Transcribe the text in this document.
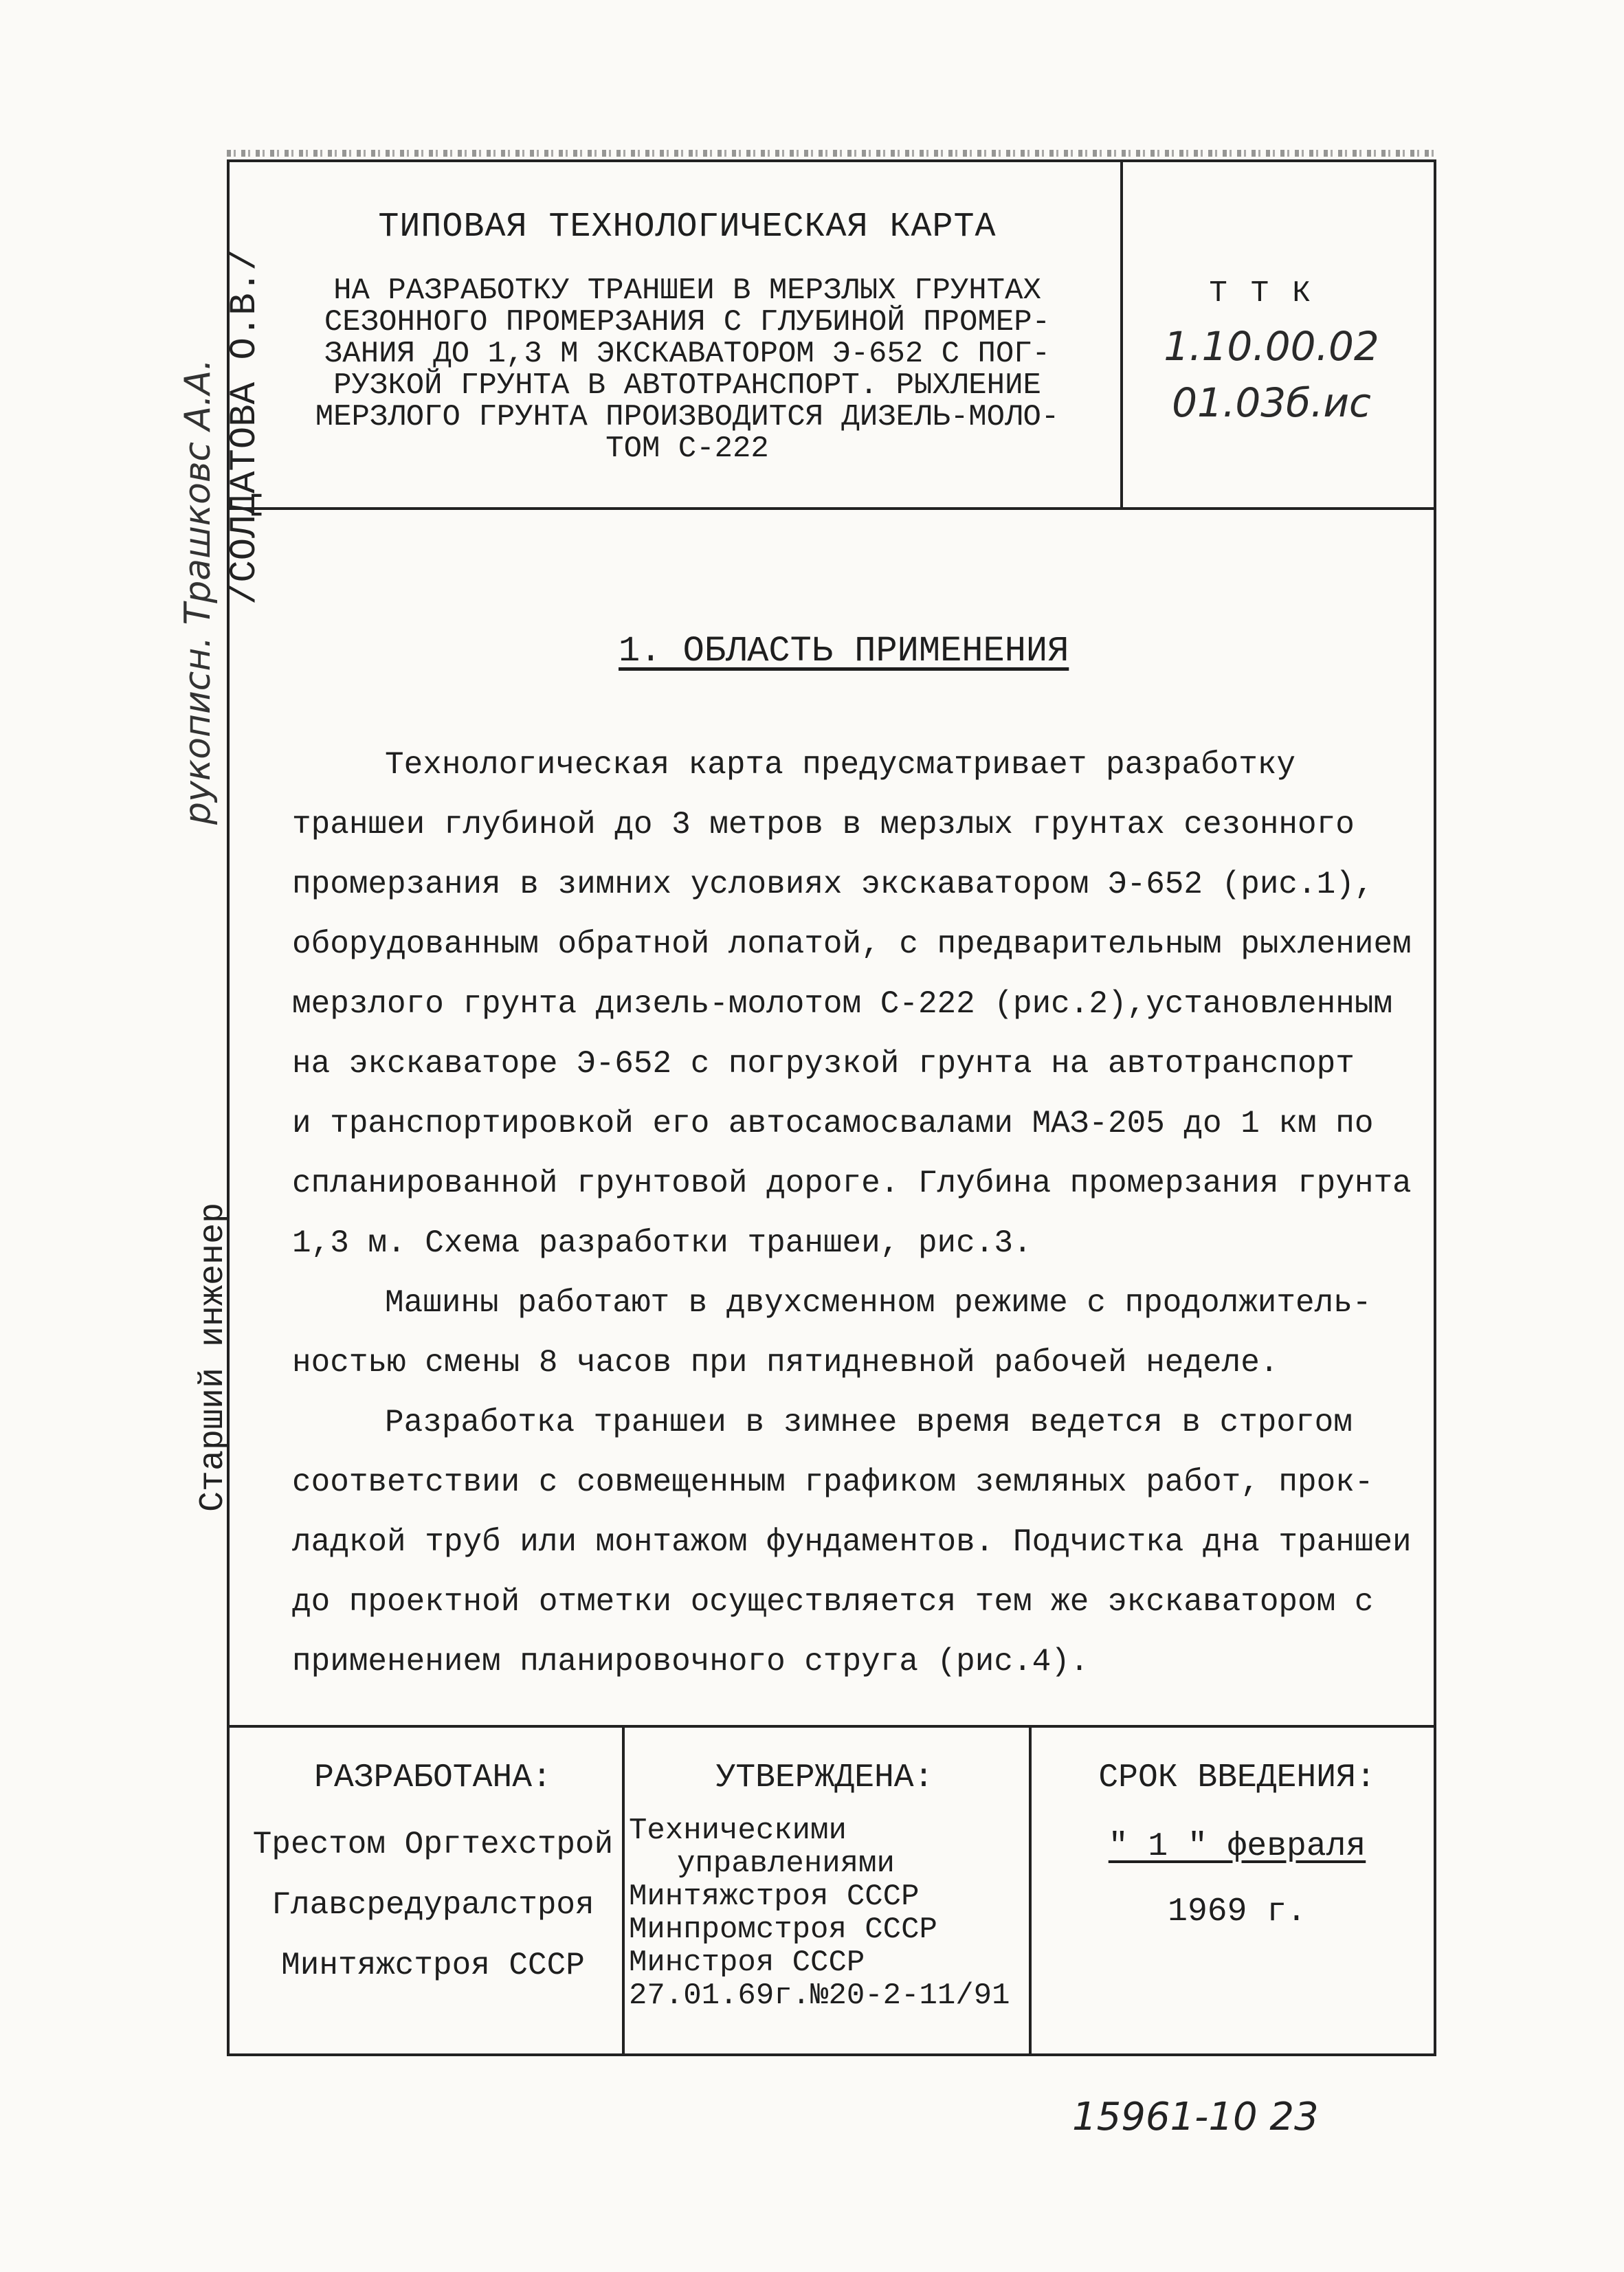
ТИПОВАЯ ТЕХНОЛОГИЧЕСКАЯ КАРТА
НА РАЗРАБОТКУ ТРАНШЕИ В МЕРЗЛЫХ ГРУНТАХ
СЕЗОННОГО ПРОМЕРЗАНИЯ С ГЛУБИНОЙ ПРОМЕР-
ЗАНИЯ ДО 1,3 М ЭКСКАВАТОРОМ Э-652 С ПОГ-
РУЗКОЙ ГРУНТА В АВТОТРАНСПОРТ. РЫХЛЕНИЕ
МЕРЗЛОГО ГРУНТА ПРОИЗВОДИТСЯ ДИЗЕЛЬ-МОЛО-
ТОМ С-222
ТТК
1.10.00.02
01.03б.ис
1. ОБЛАСТЬ ПРИМЕНЕНИЯ
Технологическая карта предусматривает разработку
траншеи глубиной до 3 метров в мерзлых грунтах сезонного
промерзания в зимних условиях экскаватором Э-652 (рис.1),
оборудованным обратной лопатой, с предварительным рыхлением
мерзлого грунта дизель-молотом С-222 (рис.2),установленным
на экскаваторе Э-652 с погрузкой грунта на автотранспорт
и транспортировкой его автосамосвалами МАЗ-205 до 1 км по
спланированной грунтовой дороге. Глубина промерзания грунта
1,3 м. Схема разработки траншеи, рис.3.
Машины работают в двухсменном режиме с продолжитель-
ностью смены 8 часов при пятидневной рабочей неделе.
Разработка траншеи в зимнее время ведется в строгом
соответствии с совмещенным графиком земляных работ, прок-
ладкой труб или монтажом фундаментов. Подчистка дна траншеи
до проектной отметки осуществляется тем же экскаватором с
применением планировочного струга (рис.4).
РАЗРАБОТАНА:
Трестом Оргтехстрой
Главсредуралстроя
Минтяжстроя СССР
УТВЕРЖДЕНА:
Техническими
управлениями
Минтяжстроя СССР
Минпромстроя СССР
Минстроя СССР
27.01.69г.№20-2-11/91
СРОК ВВЕДЕНИЯ:
" 1 " февраля
1969 г.
рукописн. Трашковс А.А. /СОЛДАТОВА О.В./
Старший инженер
15961-10 23
